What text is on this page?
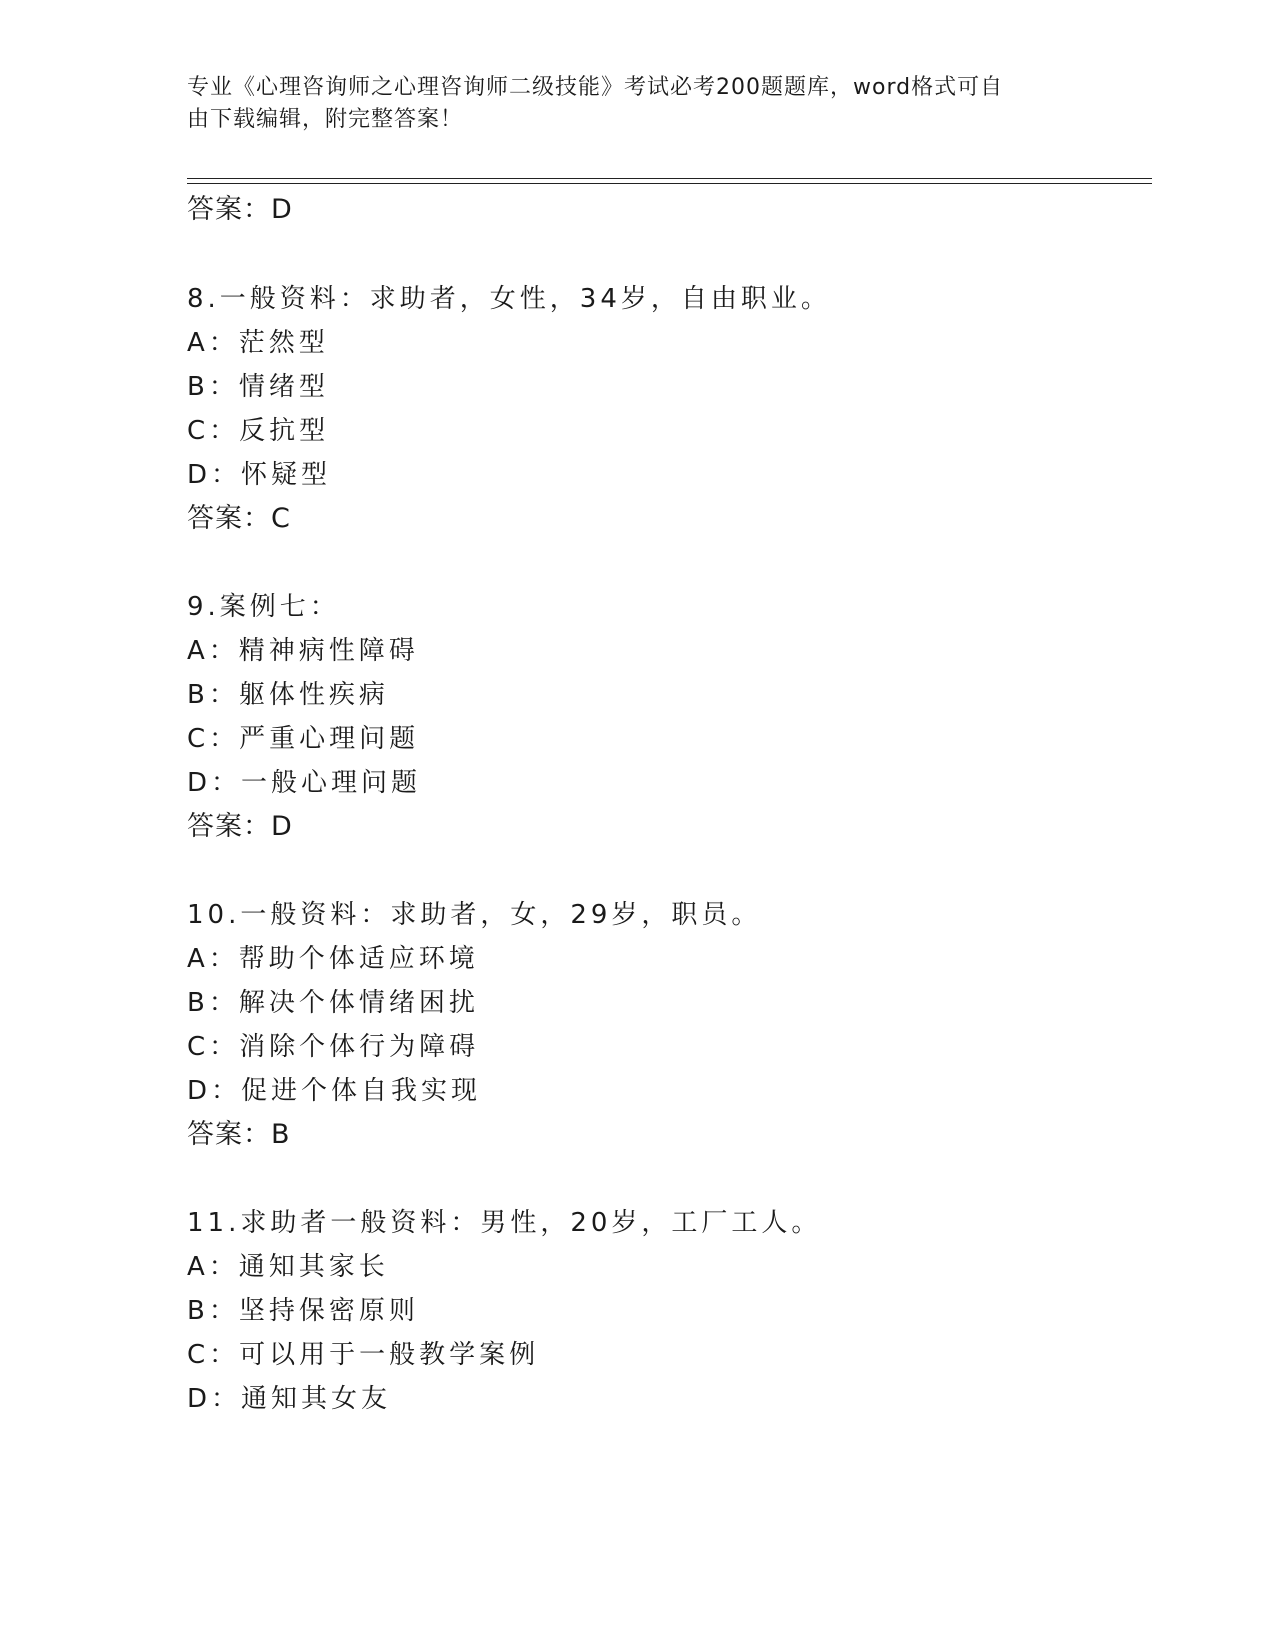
专业《心理咨询师之心理咨询师二级技能》考试必考200题题库，word格式可自
由下载编辑，附完整答案！
答案：D
8.一般资料：求助者，女性，34岁，自由职业。
A：茫然型
B：情绪型
C：反抗型
D：怀疑型
答案：C
9.案例七：
A：精神病性障碍
B：躯体性疾病
C：严重心理问题
D：一般心理问题
答案：D
10.一般资料：求助者，女，29岁，职员。
A：帮助个体适应环境
B：解决个体情绪困扰
C：消除个体行为障碍
D：促进个体自我实现
答案：B
11.求助者一般资料：男性，20岁，工厂工人。
A：通知其家长
B：坚持保密原则
C：可以用于一般教学案例
D：通知其女友
